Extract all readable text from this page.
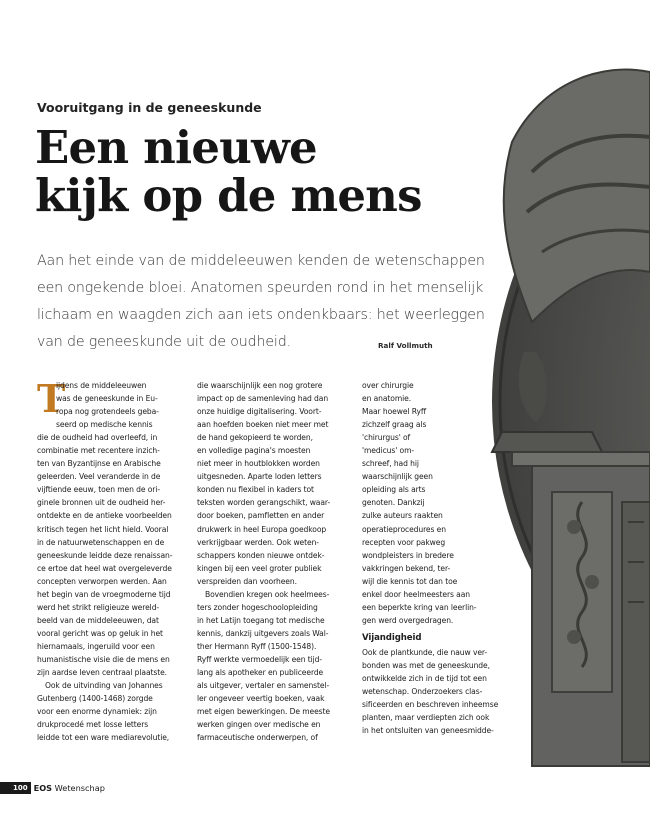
Vooruitgang in de geneeskunde

Een nieuwe
kijk op de mens

Aan het einde van de middeleeuwen kenden de wetenschappen
een ongekende bloei. Anatomen speurden rond in het menselijk
lichaam en waagden zich aan iets ondenkbaars: het weerleggen
van de geneeskunde uit de oudheid.	Ralf Vollmuth

T
ijdens de middeleeuwen
was de geneeskunde in Eu-
ropa nog grotendeels geba-
seerd op medische kennis
die de oudheid had overleefd, in
combinatie met recentere inzich-
ten van Byzantijnse en Arabische
geleerden. Veel veranderde in de
vijftiende eeuw, toen men de ori-
ginele bronnen uit de oudheid her-
ontdekte en de antieke voorbeelden
kritisch tegen het licht hield. Vooral
in de natuurwetenschappen en de
geneeskunde leidde deze renaissan-
ce ertoe dat heel wat overgeleverde
concepten verworpen werden. Aan
het begin van de vroegmoderne tijd
werd het strikt religieuze wereld-
beeld van de middeleeuwen, dat
vooral gericht was op geluk in het
hiernamaals, ingeruild voor een
humanistische visie die de mens en
zijn aardse leven centraal plaatste.
Ook de uitvinding van Johannes
Gutenberg (1400-1468) zorgde
voor een enorme dynamiek: zijn
drukprocedé met losse letters
leidde tot een ware mediarevolutie,
die waarschijnlijk een nog grotere
impact op de samenleving had dan
onze huidige digitalisering. Voort-
aan hoefden boeken niet meer met
de hand gekopieerd te worden,
en volledige pagina's moesten
niet meer in houtblokken worden
uitgesneden. Aparte loden letters
konden nu flexibel in kaders tot
teksten worden gerangschikt, waar-
door boeken, pamfletten en ander
drukwerk in heel Europa goedkoop
verkrijgbaar werden. Ook weten-
schappers konden nieuwe ontdek-
kingen bij een veel groter publiek
verspreiden dan voorheen.
Bovendien kregen ook heelmees-
ters zonder hogeschoolopleiding
in het Latijn toegang tot medische
kennis, dankzij uitgevers zoals Wal-
ther Hermann Ryff (1500-1548).
Ryff werkte vermoedelijk een tijd-
lang als apotheker en publiceerde
als uitgever, vertaler en samenstel-
ler ongeveer veertig boeken, vaak
met eigen bewerkingen. De meeste
werken gingen over medische en
farmaceutische onderwerpen, of
over chirurgie
en anatomie.
Maar hoewel Ryff
zichzelf graag als
'chirurgus' of
'medicus' om-
schreef, had hij
waarschijnlijk geen
opleiding als arts
genoten. Dankzij
zulke auteurs raakten
operatieprocedures en
recepten voor pakweg
wondpleisters in bredere
vakkringen bekend, ter-
wijl die kennis tot dan toe
enkel door heelmeesters aan
een beperkte kring van leerlin-
gen werd overgedragen.
Vijandigheid
Ook de plantkunde, die nauw ver-
bonden was met de geneeskunde,
ontwikkelde zich in de tijd tot een
wetenschap. Onderzoekers clas-
sificeerden en beschreven inheemse
planten, maar verdiepten zich ook
in het ontsluiten van geneesmidde-
100 EOS Wetenschap
